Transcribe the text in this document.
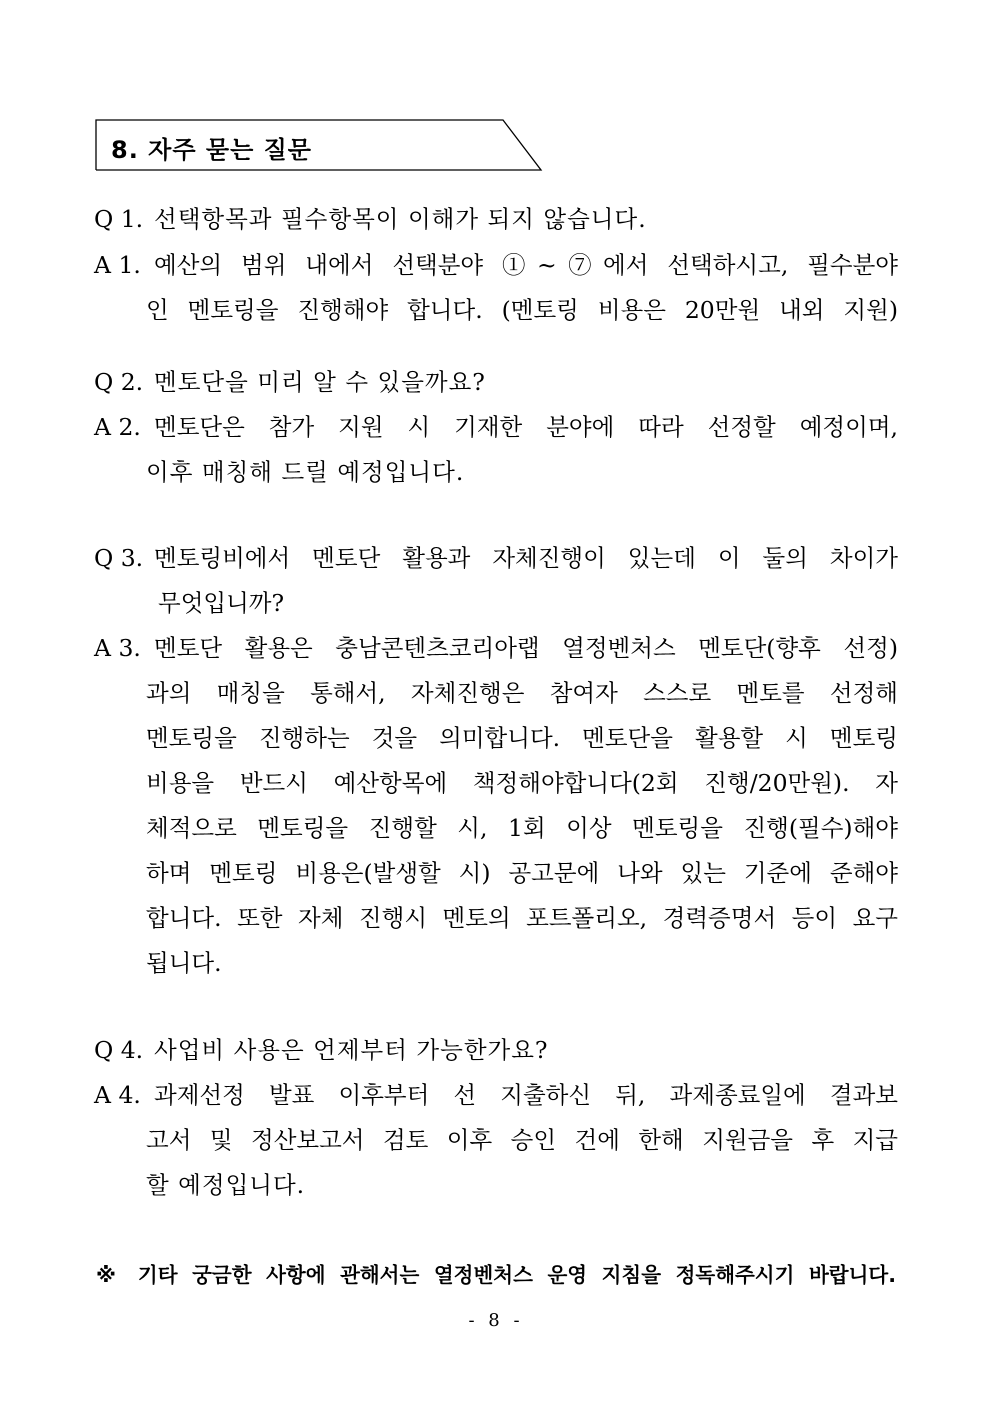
8. 자주 묻는 질문
Q 1. 선택항목과 필수항목이 이해가 되지 않습니다.
A 1. 예산의 범위 내에서 선택분야 ①~⑦에서 선택하시고, 필수분야
인 멘토링을 진행해야 합니다. (멘토링 비용은 20만원 내외 지원)
Q 2. 멘토단을 미리 알 수 있을까요?
A 2. 멘토단은 참가 지원 시 기재한 분야에 따라 선정할 예정이며,
이후 매칭해 드릴 예정입니다.
Q 3. 멘토링비에서 멘토단 활용과 자체진행이 있는데 이 둘의 차이가
무엇입니까?
A 3. 멘토단 활용은 충남콘텐츠코리아랩 열정벤처스 멘토단(향후 선정)
과의 매칭을 통해서, 자체진행은 참여자 스스로 멘토를 선정해
멘토링을 진행하는 것을 의미합니다. 멘토단을 활용할 시 멘토링
비용을 반드시 예산항목에 책정해야합니다(2회 진행/20만원). 자
체적으로 멘토링을 진행할 시, 1회 이상 멘토링을 진행(필수)해야
하며 멘토링 비용은(발생할 시) 공고문에 나와 있는 기준에 준해야
합니다. 또한 자체 진행시 멘토의 포트폴리오, 경력증명서 등이 요구
됩니다.
Q 4. 사업비 사용은 언제부터 가능한가요?
A 4. 과제선정 발표 이후부터 선 지출하신 뒤, 과제종료일에 결과보
고서 및 정산보고서 검토 이후 승인 건에 한해 지원금을 후 지급
할 예정입니다.
※ 기타 궁금한 사항에 관해서는 열정벤처스 운영 지침을 정독해주시기 바랍니다.
- 8 -
